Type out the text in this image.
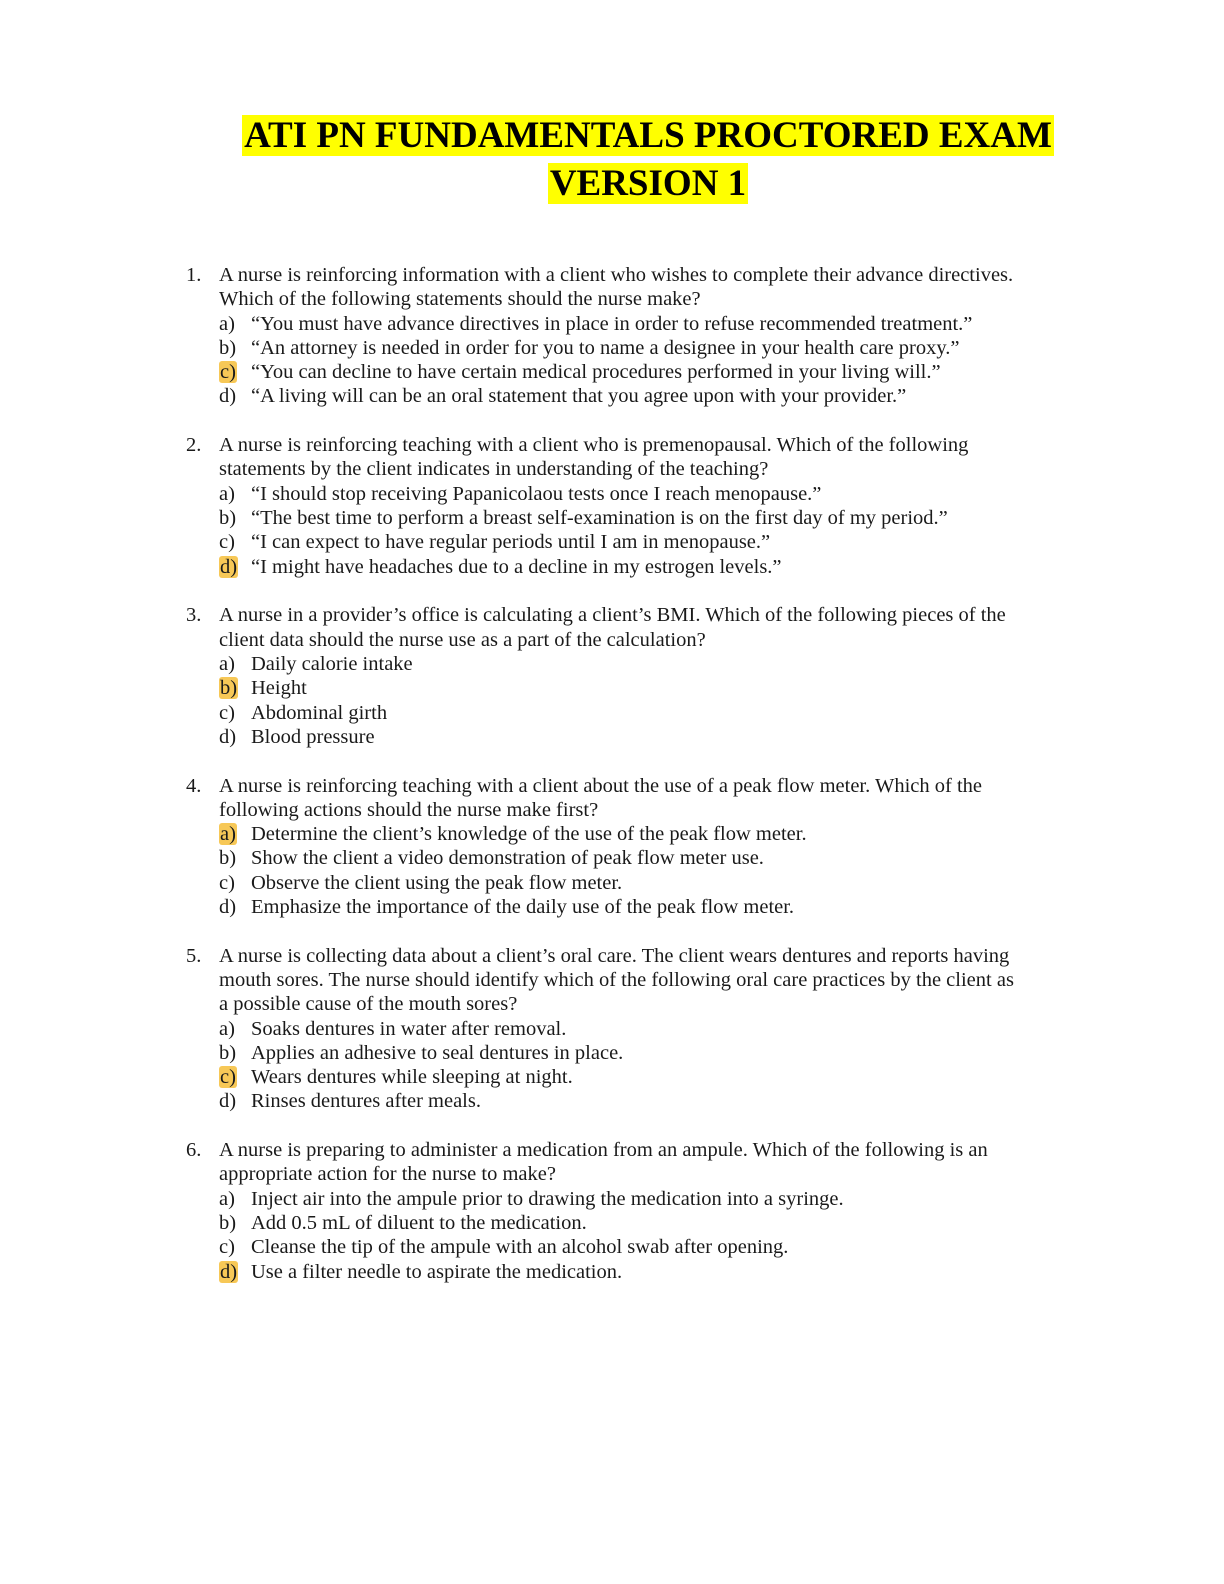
ATI PN FUNDAMENTALS PROCTORED EXAM
VERSION 1
1. A nurse is reinforcing information with a client who wishes to complete their advance directives. Which of the following statements should the nurse make?
a) “You must have advance directives in place in order to refuse recommended treatment.”
b) “An attorney is needed in order for you to name a designee in your health care proxy.”
c) “You can decline to have certain medical procedures performed in your living will.”
d) “A living will can be an oral statement that you agree upon with your provider.”
2. A nurse is reinforcing teaching with a client who is premenopausal. Which of the following statements by the client indicates in understanding of the teaching?
a) “I should stop receiving Papanicolaou tests once I reach menopause.”
b) “The best time to perform a breast self-examination is on the first day of my period.”
c) “I can expect to have regular periods until I am in menopause.”
d) “I might have headaches due to a decline in my estrogen levels.”
3. A nurse in a provider’s office is calculating a client’s BMI. Which of the following pieces of the client data should the nurse use as a part of the calculation?
a) Daily calorie intake
b) Height
c) Abdominal girth
d) Blood pressure
4. A nurse is reinforcing teaching with a client about the use of a peak flow meter. Which of the following actions should the nurse make first?
a) Determine the client’s knowledge of the use of the peak flow meter.
b) Show the client a video demonstration of peak flow meter use.
c) Observe the client using the peak flow meter.
d) Emphasize the importance of the daily use of the peak flow meter.
5. A nurse is collecting data about a client’s oral care. The client wears dentures and reports having mouth sores. The nurse should identify which of the following oral care practices by the client as a possible cause of the mouth sores?
a) Soaks dentures in water after removal.
b) Applies an adhesive to seal dentures in place.
c) Wears dentures while sleeping at night.
d) Rinses dentures after meals.
6. A nurse is preparing to administer a medication from an ampule. Which of the following is an appropriate action for the nurse to make?
a) Inject air into the ampule prior to drawing the medication into a syringe.
b) Add 0.5 mL of diluent to the medication.
c) Cleanse the tip of the ampule with an alcohol swab after opening.
d) Use a filter needle to aspirate the medication.
